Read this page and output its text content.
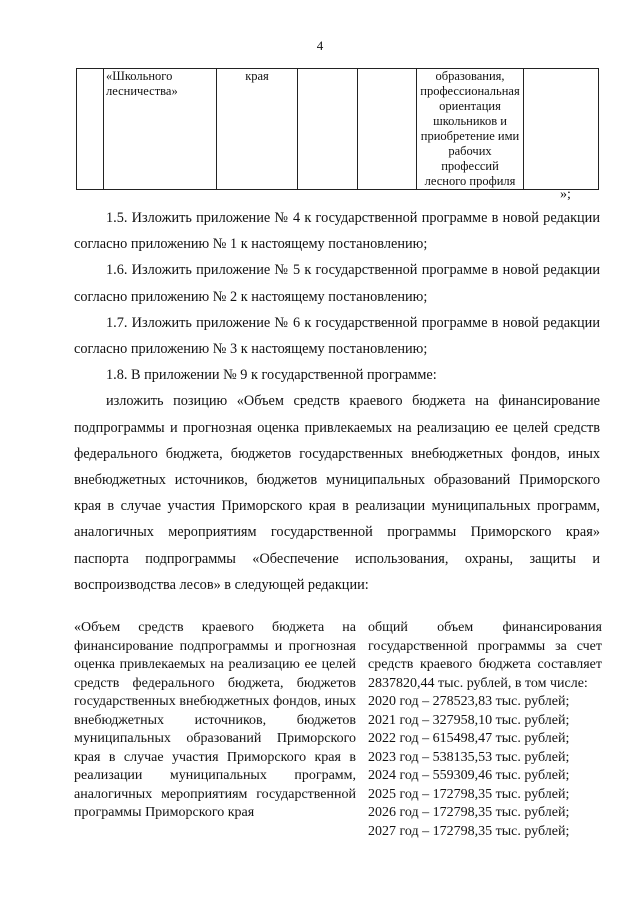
4
	«Школьного лесничества»	края			образования, профессиональная ориентация школьников и приобретение ими рабочих профессий лесного профиля	
»;

1.5. Изложить приложение № 4 к государственной программе в новой редакции согласно приложению № 1 к настоящему постановлению;

1.6. Изложить приложение № 5 к государственной программе в новой редакции согласно приложению № 2 к настоящему постановлению;

1.7. Изложить приложение № 6 к государственной программе в новой редакции согласно приложению № 3 к настоящему постановлению;

1.8. В приложении № 9 к государственной программе:

изложить позицию «Объем средств краевого бюджета на финансирование подпрограммы и прогнозная оценка привлекаемых на реализацию ее целей средств федерального бюджета, бюджетов государственных внебюджетных фондов, иных внебюджетных источников, бюджетов муниципальных образований Приморского края в случае участия Приморского края в реализации муниципальных программ, аналогичных мероприятиям государственной программы Приморского края» паспорта подпрограммы «Обеспечение использования, охраны, защиты и воспроизводства лесов» в следующей редакции:

«Объем средств краевого бюджета на финансирование подпрограммы и прогнозная оценка привлекаемых на реализацию ее целей средств федерального бюджета, бюджетов государственных внебюджетных фондов, иных внебюджетных источников, бюджетов муниципальных образований Приморского края в случае участия Приморского края в реализации муниципальных программ, аналогичных мероприятиям государственной программы Приморского края
общий объем финансирования государственной программы за счет средств краевого бюджета составляет 2837820,44 тыс. рублей, в том числе:
2020 год – 278523,83 тыс. рублей;
2021 год – 327958,10 тыс. рублей;
2022 год – 615498,47 тыс. рублей;
2023 год – 538135,53 тыс. рублей;
2024 год – 559309,46 тыс. рублей;
2025 год – 172798,35 тыс. рублей;
2026 год – 172798,35 тыс. рублей;
2027 год – 172798,35 тыс. рублей;
